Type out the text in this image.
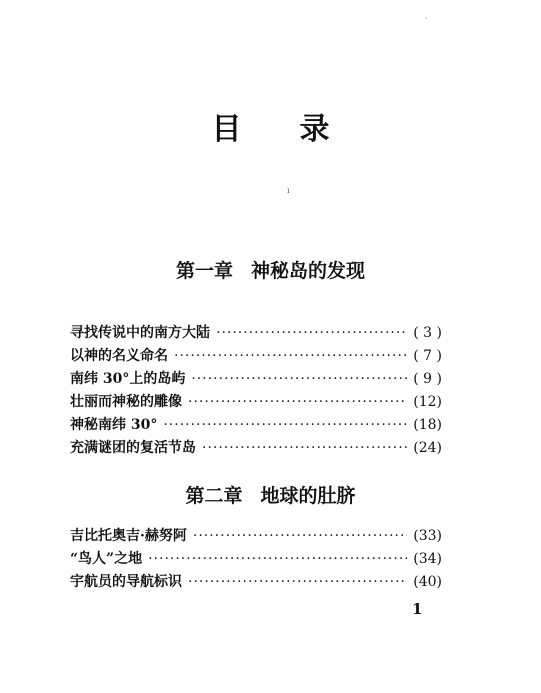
目 录
ı
·
第一章 神秘岛的发现
寻找传说中的南方大陆 ·····	( 3 )
以神的名义命名 ·····	( 7 )
南纬 30°上的岛屿 ·····	( 9 )
壮丽而神秘的雕像 ·····	(12)
神秘南纬 30° ·····	(18)
充满谜团的复活节岛 ·····	(24)
第二章 地球的肚脐
吉比托奥吉·赫努阿 ·····	(33)
“鸟人”之地 ·····	(34)
宇航员的导航标识 ·····	(40)
1
